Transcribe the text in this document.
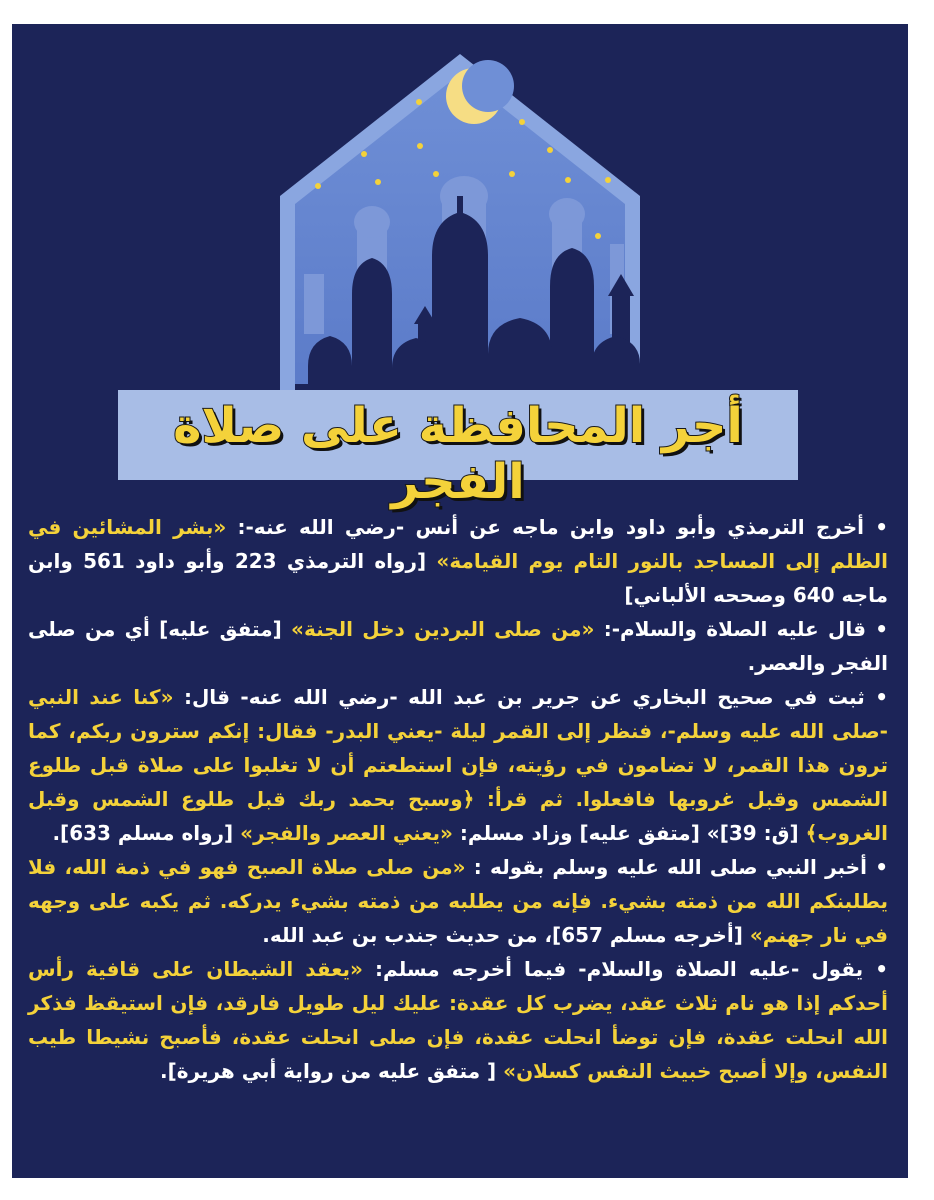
أجر المحافظة على صلاة الفجر

• أخرج الترمذي وأبو داود وابن ماجه عن أنس -رضي الله عنه-: «بشر المشائين في الظلم إلى المساجد بالنور التام يوم القيامة» [رواه الترمذي 223 وأبو داود 561 وابن ماجه 640 وصححه الألباني]

• قال عليه الصلاة والسلام-: «من صلى البردين دخل الجنة» [متفق عليه] أي من صلى الفجر والعصر.

• ثبت في صحيح البخاري عن جرير بن عبد الله -رضي الله عنه- قال: «كنا عند النبي -صلى الله عليه وسلم-، فنظر إلى القمر ليلة -يعني البدر- فقال: إنكم سترون ربكم، كما ترون هذا القمر، لا تضامون في رؤيته، فإن استطعتم أن لا تغلبوا على صلاة قبل طلوع الشمس وقبل غروبها فافعلوا. ثم قرأ: ﴿وسبح بحمد ربك قبل طلوع الشمس وقبل الغروب﴾ [ق: 39]» [متفق عليه] وزاد مسلم: «يعني العصر والفجر» [رواه مسلم 633].

• أخبر النبي صلى الله عليه وسلم بقوله : «من صلى صلاة الصبح فهو في ذمة الله، فلا يطلبنكم الله من ذمته بشيء. فإنه من يطلبه من ذمته بشيء يدركه. ثم يكبه على وجهه في نار جهنم» [أخرجه مسلم 657]، من حديث جندب بن عبد الله.

• يقول -عليه الصلاة والسلام- فيما أخرجه مسلم: «يعقد الشيطان على قافية رأس أحدكم إذا هو نام ثلاث عقد، يضرب كل عقدة: عليك ليل طويل فارقد، فإن استيقظ فذكر الله انحلت عقدة، فإن توضأ انحلت عقدة، فإن صلى انحلت عقدة، فأصبح نشيطا طيب النفس، وإلا أصبح خبيث النفس كسلان» [ متفق عليه من رواية أبي هريرة].
